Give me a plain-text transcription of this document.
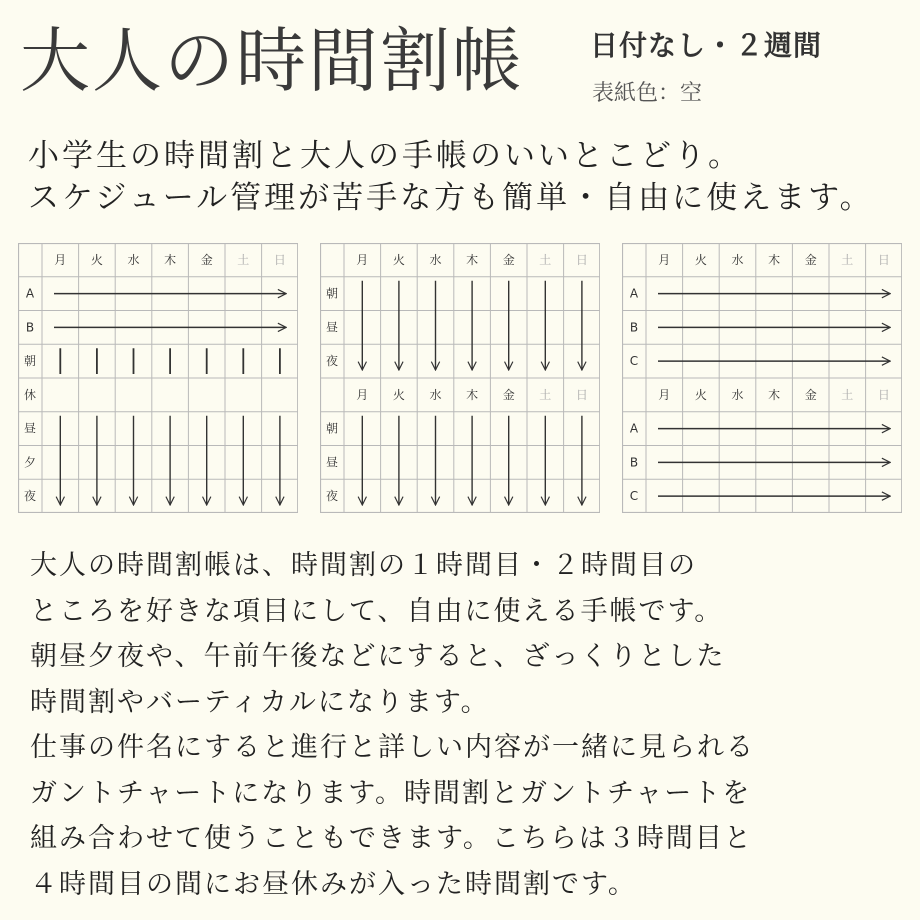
大人の時間割帳 日付なし・２週間
表紙色：空
小学生の時間割と大人の手帳のいいとこどり。
スケジュール管理が苦手な方も簡単・自由に使えます。
月 火 水 木 金 土 日
A
B
朝
休
昼
夕
夜
月 火 水 木 金 土 日
月 火 水 木 金 土 日
朝
昼
夜
朝
昼
夜
月 火 水 木 金 土 日
月 火 水 木 金 土 日
A
B
C
A
B
C
大人の時間割帳は、時間割の１時間目・２時間目の
ところを好きな項目にして、自由に使える手帳です。
朝昼夕夜や、午前午後などにすると、ざっくりとした
時間割やバーティカルになります。
仕事の件名にすると進行と詳しい内容が一緒に見られる
ガントチャートになります。時間割とガントチャートを
組み合わせて使うこともできます。こちらは３時間目と
４時間目の間にお昼休みが入った時間割です。
